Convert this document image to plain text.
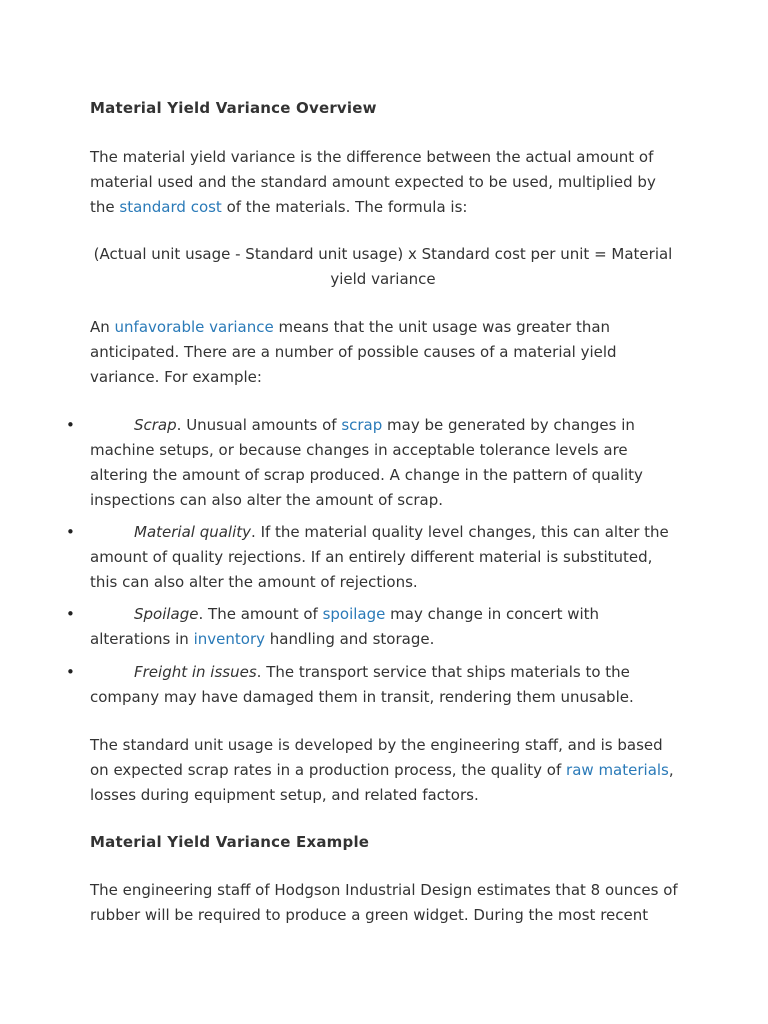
Material Yield Variance Overview

The material yield variance is the difference between the actual amount of material used and the standard amount expected to be used, multiplied by the standard cost of the materials. The formula is:

(Actual unit usage - Standard unit usage) x Standard cost per unit = Material yield variance

An unfavorable variance means that the unit usage was greater than anticipated. There are a number of possible causes of a material yield variance. For example:

•	Scrap. Unusual amounts of scrap may be generated by changes in machine setups, or because changes in acceptable tolerance levels are altering the amount of scrap produced. A change in the pattern of quality inspections can also alter the amount of scrap.
•	Material quality. If the material quality level changes, this can alter the amount of quality rejections. If an entirely different material is substituted, this can also alter the amount of rejections.
•	Spoilage. The amount of spoilage may change in concert with alterations in inventory handling and storage.
•	Freight in issues. The transport service that ships materials to the company may have damaged them in transit, rendering them unusable.

The standard unit usage is developed by the engineering staff, and is based on expected scrap rates in a production process, the quality of raw materials, losses during equipment setup, and related factors.

Material Yield Variance Example

The engineering staff of Hodgson Industrial Design estimates that 8 ounces of rubber will be required to produce a green widget. During the most recent
